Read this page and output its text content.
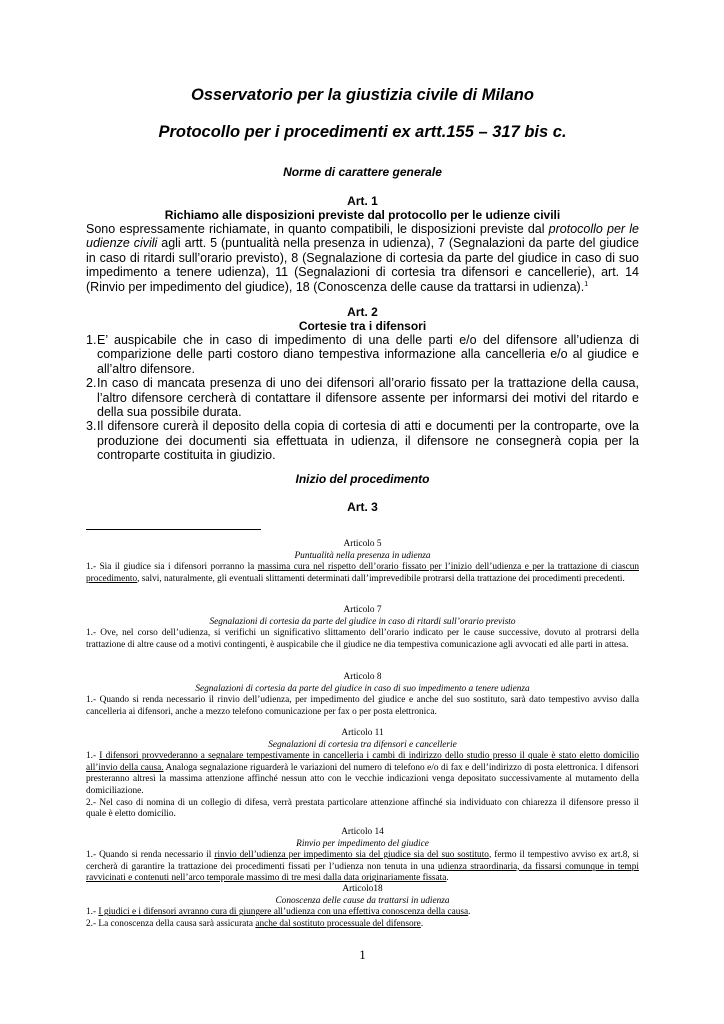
Osservatorio per la giustizia civile di Milano
Protocollo per i procedimenti ex artt.155 – 317 bis c.
Norme di carattere generale
Art. 1
Richiamo alle disposizioni previste dal protocollo per le udienze civili

Sono espressamente richiamate, in quanto compatibili, le disposizioni previste dal protocollo per le udienze civili agli artt. 5 (puntualità nella presenza in udienza), 7 (Segnalazioni da parte del giudice in caso di ritardi sull’orario previsto), 8 (Segnalazione di cortesia da parte del giudice in caso di suo impedimento a tenere udienza), 11 (Segnalazioni di cortesia tra difensori e cancellerie), art. 14 (Rinvio per impedimento del giudice), 18 (Conoscenza delle cause da trattarsi in udienza).$^1$

Art. 2
Cortesie tra i difensori
1. E’ auspicabile che in caso di impedimento di una delle parti e/o del difensore all’udienza di comparizione delle parti costoro diano tempestiva informazione alla cancelleria e/o al giudice e all’altro difensore.
2. In caso di mancata presenza di uno dei difensori all’orario fissato per la trattazione della causa, l’altro difensore cercherà di contattare il difensore assente per informarsi dei motivi del ritardo e della sua possibile durata.
3. Il difensore curerà il deposito della copia di cortesia di atti e documenti per la controparte, ove la produzione dei documenti sia effettuata in udienza, il difensore ne consegnerà copia per la controparte costituita in giudizio.
Inizio del procedimento
Art. 3
Articolo 5
Puntualità nella presenza in udienza

1.- Sia il giudice sia i difensori porranno la massima cura nel rispetto dell’orario fissato per l’inizio dell’udienza e per la trattazione di ciascun procedimento, salvi, naturalmente, gli eventuali slittamenti determinati dall’imprevedibile protrarsi della trattazione dei procedimenti precedenti.

Articolo 7
Segnalazioni di cortesia da parte del giudice in caso di ritardi sull’orario previsto

1.- Ove, nel corso dell’udienza, si verifichi un significativo slittamento dell’orario indicato per le cause successive, dovuto al protrarsi della trattazione di altre cause od a motivi contingenti, è auspicabile che il giudice ne dia tempestiva comunicazione agli avvocati ed alle parti in attesa.

Articolo 8
Segnalazioni di cortesia da parte del giudice in caso di suo impedimento a tenere udienza

1.- Quando si renda necessario il rinvio dell’udienza, per impedimento del giudice e anche del suo sostituto, sarà dato tempestivo avviso dalla cancelleria ai difensori, anche a mezzo telefono comunicazione per fax o per posta elettronica.

Articolo 11
Segnalazioni di cortesia tra difensori e cancellerie

1.- I difensori provvederanno a segnalare tempestivamente in cancelleria i cambi di indirizzo dello studio presso il quale è stato eletto domicilio all’invio della causa. Analoga segnalazione riguarderà le variazioni del numero di telefono e/o di fax e dell’indirizzo di posta elettronica. I difensori presteranno altresì la massima attenzione affinché nessun atto con le vecchie indicazioni venga depositato successivamente al mutamento della domiciliazione.

2.- Nel caso di nomina di un collegio di difesa, verrà prestata particolare attenzione affinché sia individuato con chiarezza il difensore presso il quale è eletto domicilio.

Articolo 14
Rinvio per impedimento del giudice

1.- Quando si renda necessario il rinvio dell’udienza per impedimento sia del giudice sia del suo sostituto, fermo il tempestivo avviso ex art.8, si cercherà di garantire la trattazione dei procedimenti fissati per l’udienza non tenuta in una udienza straordinaria, da fissarsi comunque in tempi ravvicinati e contenuti nell’arco temporale massimo di tre mesi dalla data originariamente fissata.

Articolo18
Conoscenza delle cause da trattarsi in udienza

1.- I giudici e i difensori avranno cura di giungere all’udienza con una effettiva conoscenza della causa.

2.- La conoscenza della causa sarà assicurata anche dal sostituto processuale del difensore.

1
